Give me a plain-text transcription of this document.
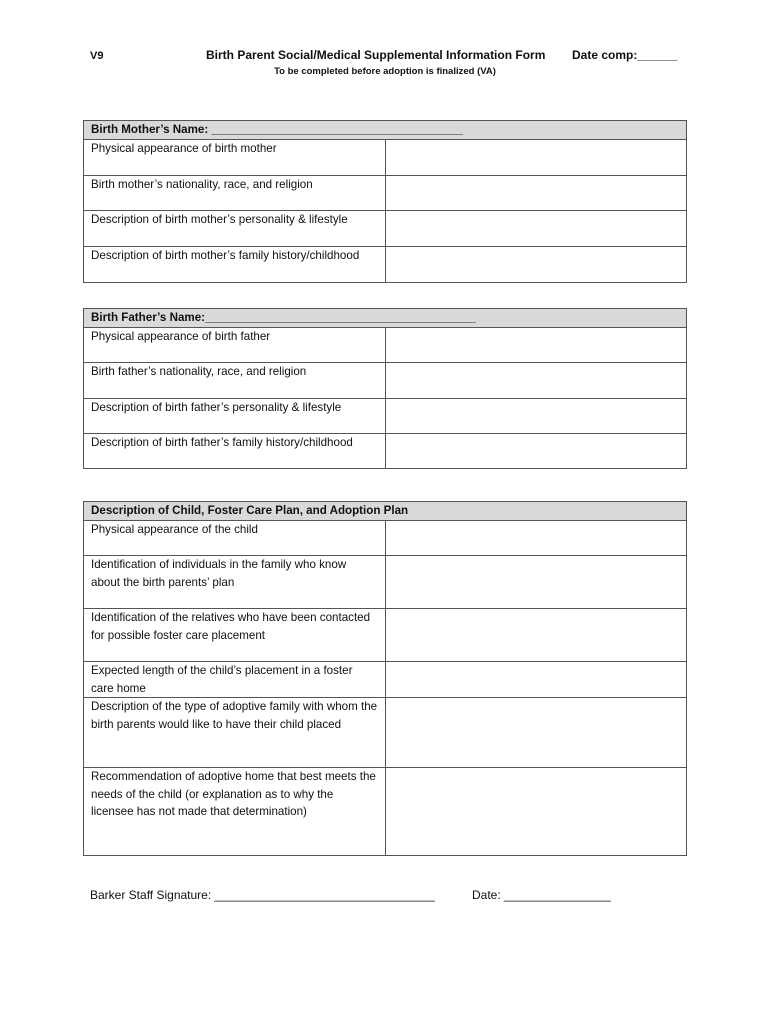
V9	Birth Parent Social/Medical Supplemental Information Form Date comp:______
To be completed before adoption is finalized (VA)
Birth Mother’s Name: _______________________________________	
Physical appearance of birth mother	
Birth mother’s nationality, race, and religion	
Description of birth mother’s personality & lifestyle	
Description of birth mother’s family history/childhood	
Birth Father’s Name:__________________________________________	
Physical appearance of birth father	
Birth father’s nationality, race, and religion	
Description of birth father’s personality & lifestyle	
Description of birth father’s family history/childhood	
Description of Child, Foster Care Plan, and Adoption Plan	
Physical appearance of the child	
Identification of individuals in the family who know about the birth parents’ plan	
Identification of the relatives who have been contacted for possible foster care placement	
Expected length of the child’s placement in a foster care home	
Description of the type of adoptive family with whom the birth parents would like to have their child placed	
Recommendation of adoptive home that best meets the needs of the child (or explanation as to why the licensee has not made that determination)	
Barker Staff Signature: _________________________________	Date: ________________
